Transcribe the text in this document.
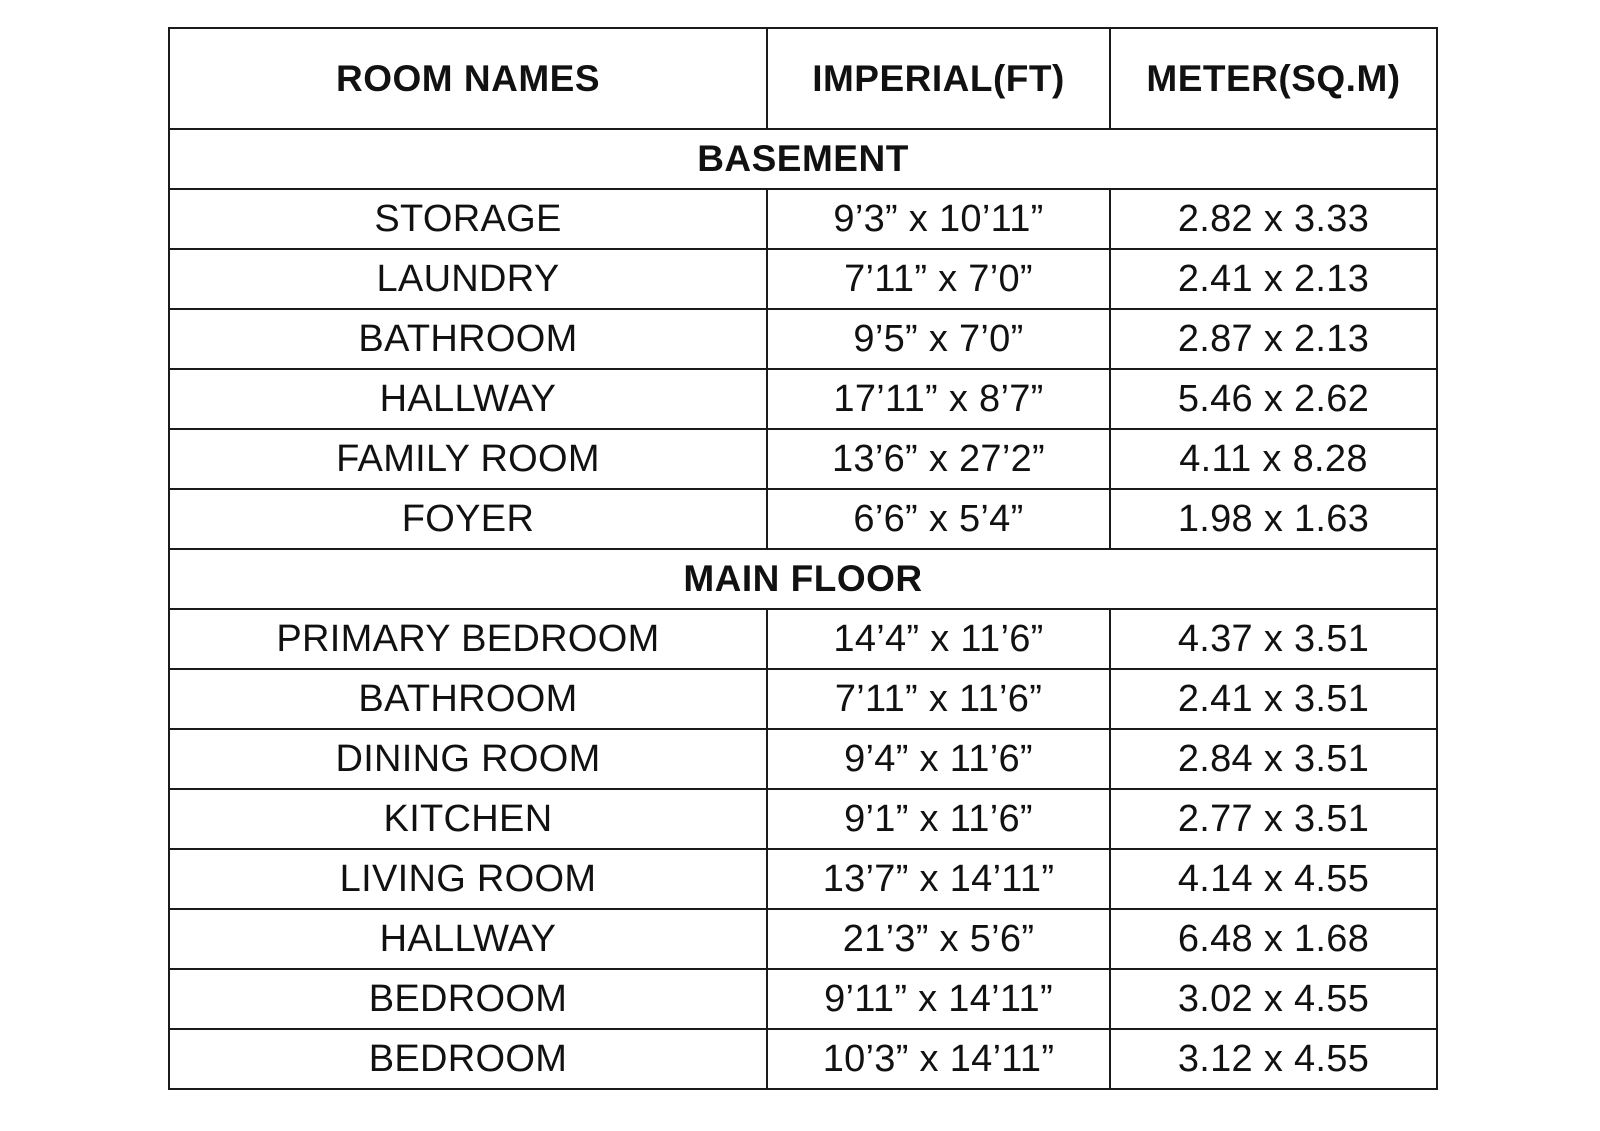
ROOM NAMES	IMPERIAL(FT)	METER(SQ.M)
BASEMENT		
STORAGE	9’3” x 10’11”	2.82 x 3.33
LAUNDRY	7’11” x 7’0”	2.41 x 2.13
BATHROOM	9’5” x 7’0”	2.87 x 2.13
HALLWAY	17’11” x 8’7”	5.46 x 2.62
FAMILY ROOM	13’6” x 27’2”	4.11 x 8.28
FOYER	6’6” x 5’4”	1.98 x 1.63
MAIN FLOOR		
PRIMARY BEDROOM	14’4” x 11’6”	4.37 x 3.51
BATHROOM	7’11” x 11’6”	2.41 x 3.51
DINING ROOM	9’4” x 11’6”	2.84 x 3.51
KITCHEN	9’1” x 11’6”	2.77 x 3.51
LIVING ROOM	13’7” x 14’11”	4.14 x 4.55
HALLWAY	21’3” x 5’6”	6.48 x 1.68
BEDROOM	9’11” x 14’11”	3.02 x 4.55
BEDROOM	10’3” x 14’11”	3.12 x 4.55
